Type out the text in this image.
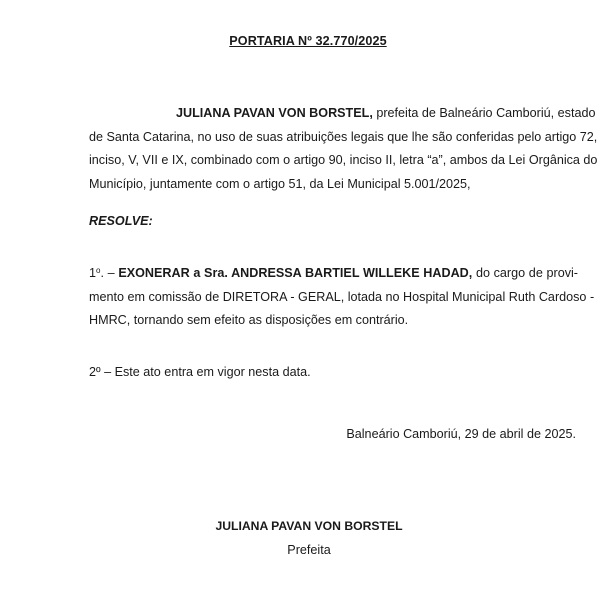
PORTARIA Nº 32.770/2025
JULIANA PAVAN VON BORSTEL, prefeita de Balneário Camboriú, estado
de Santa Catarina, no uso de suas atribuições legais que lhe são conferidas pelo artigo 72,
inciso, V, VII e IX, combinado com o artigo 90, inciso II, letra “a”, ambos da Lei Orgânica do
Município, juntamente com o artigo 51, da Lei Municipal 5.001/2025,
RESOLVE:
1$^o$. – EXONERAR a Sra. ANDRESSA BARTIEL WILLEKE HADAD, do cargo de provi-
mento em comissão de DIRETORA - GERAL, lotada no Hospital Municipal Ruth Cardoso -
HMRC, tornando sem efeito as disposições em contrário.
2º – Este ato entra em vigor nesta data.
Balneário Camboriú, 29 de abril de 2025.
JULIANA PAVAN VON BORSTEL
Prefeita
